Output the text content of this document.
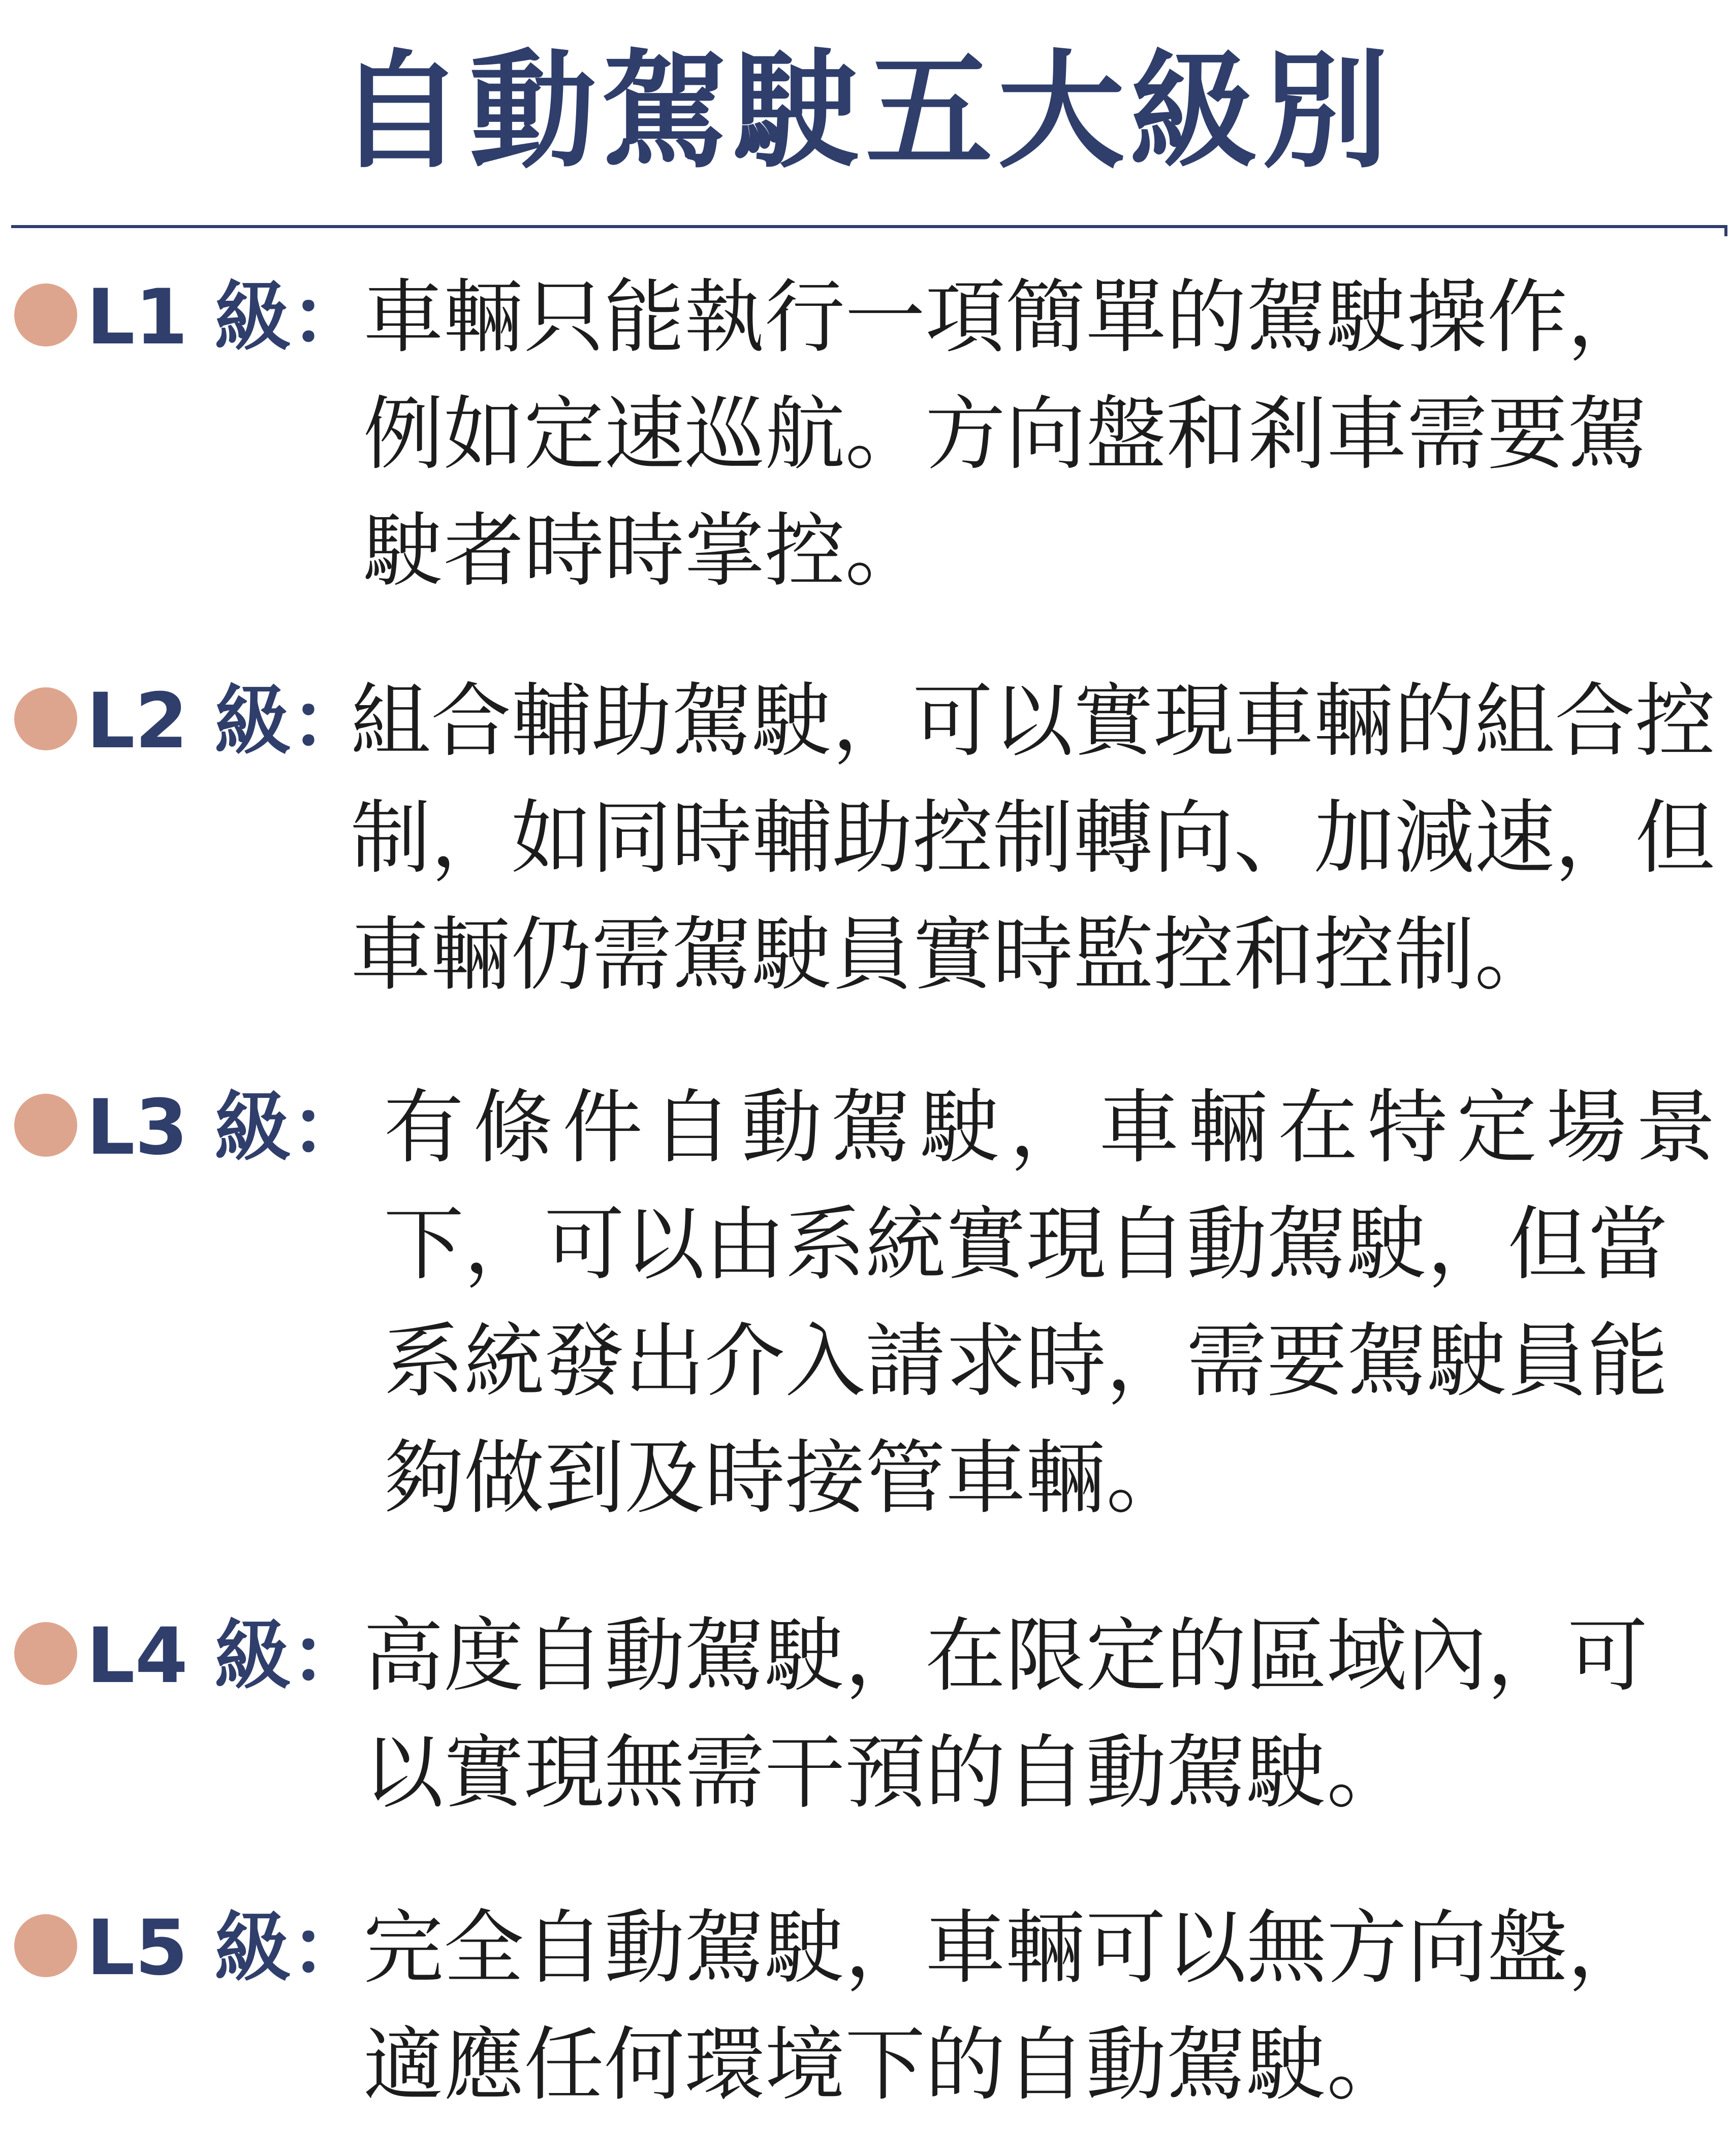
自動駕駛五大級別
L1 級：
車輛只能執行一項簡單的駕駛操作，
例如定速巡航。方向盤和剎車需要駕
駛者時時掌控。
L2 級：
組合輔助駕駛，可以實現車輛的組合控
制，如同時輔助控制轉向、加減速，但
車輛仍需駕駛員實時監控和控制。
L3 級： 有條件自動駕駛，車輛在特定場景
下，可以由系統實現自動駕駛，但當
系統發出介入請求時，需要駕駛員能
夠做到及時接管車輛。
L4 級：
高度自動駕駛，在限定的區域內，可
以實現無需干預的自動駕駛。
L5 級：
完全自動駕駛，車輛可以無方向盤，
適應任何環境下的自動駕駛。
